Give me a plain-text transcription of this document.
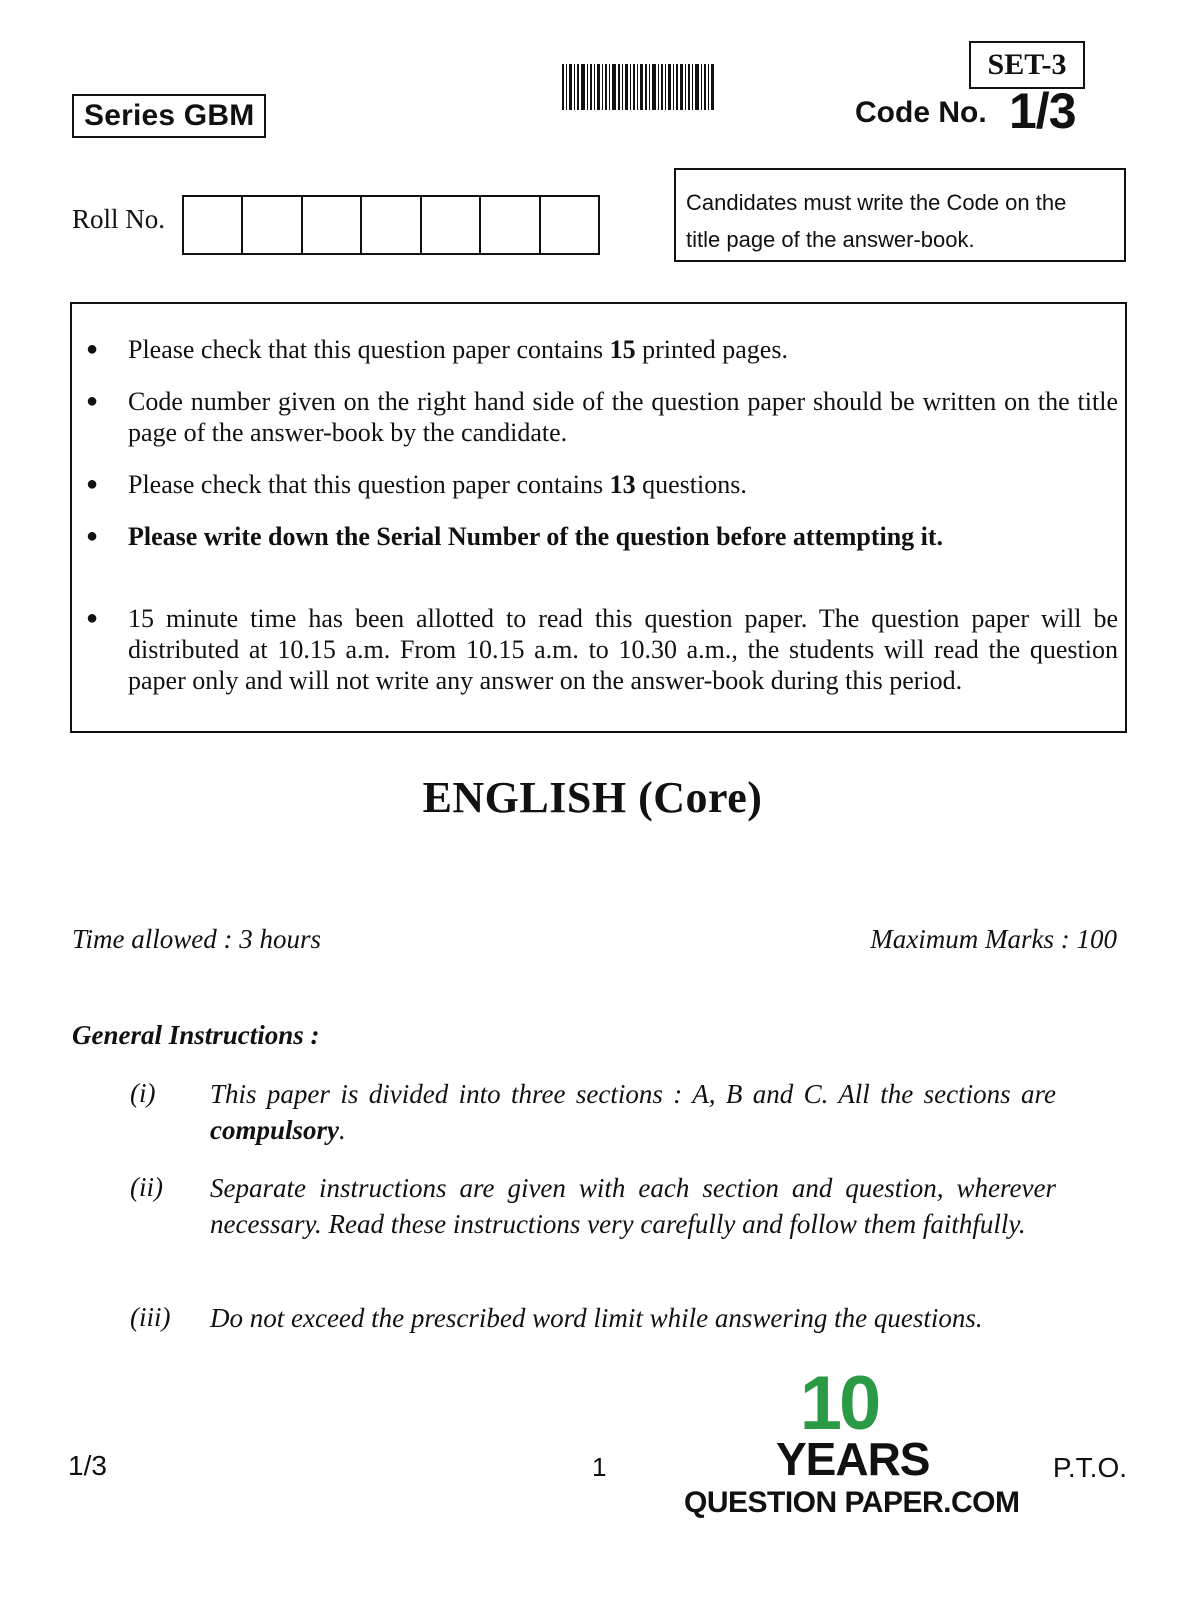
Series GBM
SET-3
Code No. 1/3
Roll No.
Candidates must write the Code on the
title page of the answer-book.
● Please check that this question paper contains 15 printed pages.
● Code number given on the right hand side of the question paper should be written on the title page of the answer-book by the candidate.
● Please check that this question paper contains 13 questions.
● Please write down the Serial Number of the question before attempting it.
● 15 minute time has been allotted to read this question paper. The question paper will be distributed at 10.15 a.m. From 10.15 a.m. to 10.30 a.m., the students will read the question paper only and will not write any answer on the answer-book during this period.
ENGLISH (Core)
Time allowed : 3 hours	Maximum Marks : 100
General Instructions :
(i) This paper is divided into three sections : A, B and C. All the sections are compulsory.
(ii) Separate instructions are given with each section and question, wherever necessary. Read these instructions very carefully and follow them faithfully.
(iii) Do not exceed the prescribed word limit while answering the questions.
1/3	1	P.T.O.
10
YEARS
QUESTION PAPER.COM
